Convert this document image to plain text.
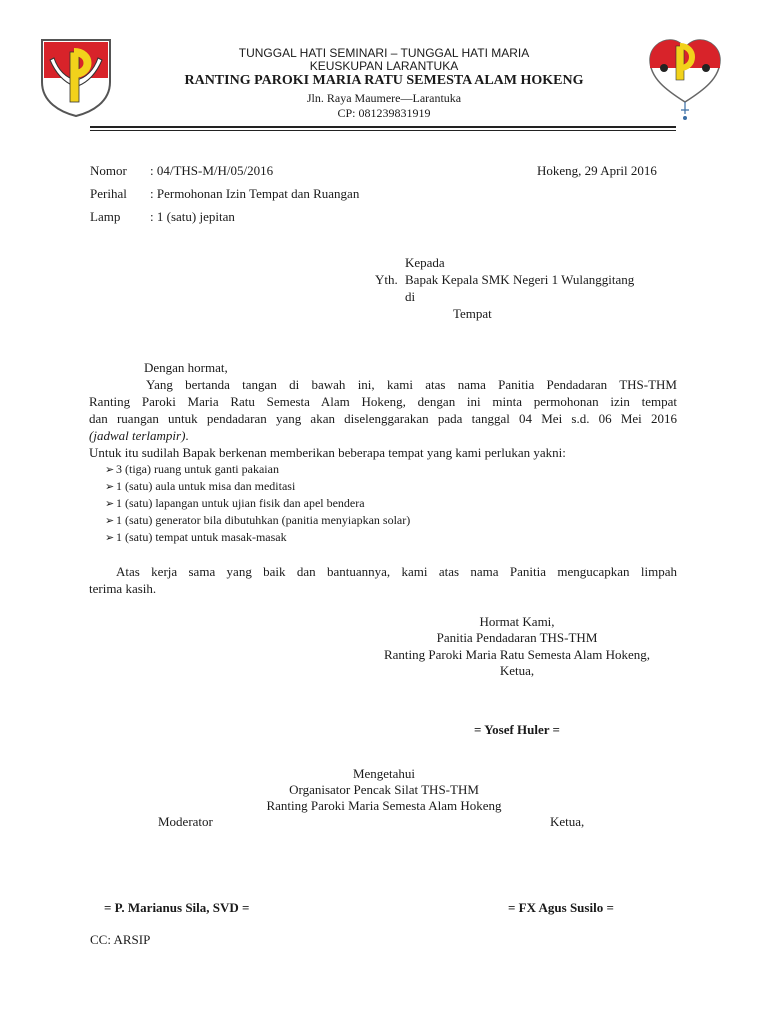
TUNGGAL HATI SEMINARI – TUNGGAL HATI MARIA
KEUSKUPAN LARANTUKA
RANTING PAROKI MARIA RATU SEMESTA ALAM HOKENG
Jln. Raya Maumere—Larantuka
CP: 081239831919
Nomor : 04/THS-M/H/05/2016	Hokeng, 29 April 2016
Perihal : Permohonan Izin Tempat dan Ruangan
Lamp : 1 (satu) jepitan
Kepada
Yth. Bapak Kepala SMK Negeri 1 Wulanggitang
di
Tempat
Dengan hormat,
Yang bertanda tangan di bawah ini, kami atas nama Panitia Pendadaran THS-THM
Ranting Paroki Maria Ratu Semesta Alam Hokeng, dengan ini minta permohonan izin tempat
dan ruangan untuk pendadaran yang akan diselenggarakan pada tanggal 04 Mei s.d. 06 Mei 2016
(jadwal terlampir).
Untuk itu sudilah Bapak berkenan memberikan beberapa tempat yang kami perlukan yakni:
➢ 3 (tiga) ruang untuk ganti pakaian
➢ 1 (satu) aula untuk misa dan meditasi
➢ 1 (satu) lapangan untuk ujian fisik dan apel bendera
➢ 1 (satu) generator bila dibutuhkan (panitia menyiapkan solar)
➢ 1 (satu) tempat untuk masak-masak
Atas kerja sama yang baik dan bantuannya, kami atas nama Panitia mengucapkan limpah
terima kasih.
Hormat Kami,
Panitia Pendadaran THS-THM
Ranting Paroki Maria Ratu Semesta Alam Hokeng,
Ketua,
= Yosef Huler =
Mengetahui
Organisator Pencak Silat THS-THM
Ranting Paroki Maria Semesta Alam Hokeng
Moderator	Ketua,
= P. Marianus Sila, SVD =	= FX Agus Susilo =
CC: ARSIP
